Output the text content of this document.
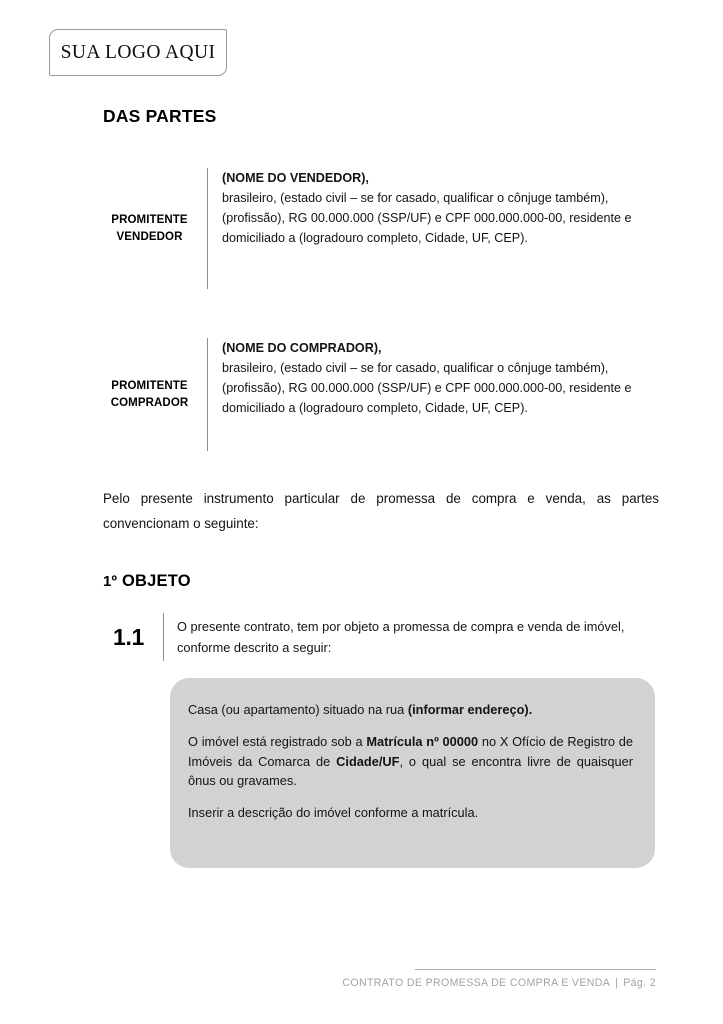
SUA LOGO AQUI
DAS PARTES
PROMITENTE
VENDEDOR
(NOME DO VENDEDOR),
brasileiro, (estado civil – se for casado, qualificar o cônjuge também), (profissão), RG 00.000.000 (SSP/UF) e CPF 000.000.000-00, residente e domiciliado a (logradouro completo, Cidade, UF, CEP).
PROMITENTE
COMPRADOR
(NOME DO COMPRADOR),
brasileiro, (estado civil – se for casado, qualificar o cônjuge também), (profissão), RG 00.000.000 (SSP/UF) e CPF 000.000.000-00, residente e domiciliado a (logradouro completo, Cidade, UF, CEP).
Pelo presente instrumento particular de promessa de compra e venda, as partes convencionam o seguinte:
1º OBJETO
1.1	O presente contrato, tem por objeto a promessa de compra e venda de imóvel, conforme descrito a seguir:

Casa (ou apartamento) situado na rua (informar endereço).

O imóvel está registrado sob a Matrícula nº 00000 no X Ofício de Registro de Imóveis da Comarca de Cidade/UF, o qual se encontra livre de quaisquer ônus ou gravames.

Inserir a descrição do imóvel conforme a matrícula.

CONTRATO DE PROMESSA DE COMPRA E VENDA | Pág. 2
